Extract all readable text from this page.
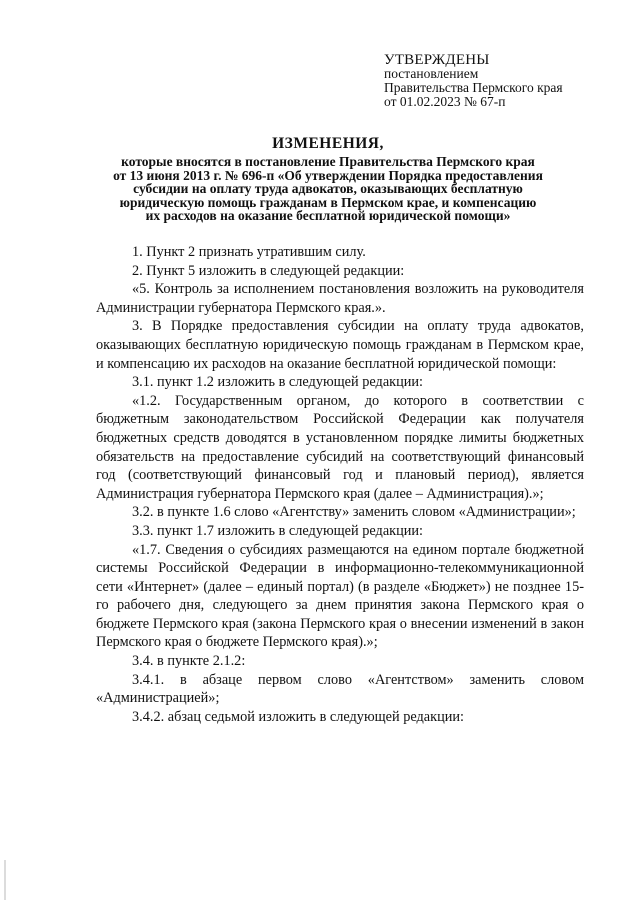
УТВЕРЖДЕНЫ
постановлением
Правительства Пермского края
от 01.02.2023 № 67-п
ИЗМЕНЕНИЯ,
которые вносятся в постановление Правительства Пермского края
от 13 июня 2013 г. № 696-п «Об утверждении Порядка предоставления
субсидии на оплату труда адвокатов, оказывающих бесплатную
юридическую помощь гражданам в Пермском крае, и компенсацию
их расходов на оказание бесплатной юридической помощи»

1. Пункт 2 признать утратившим силу.

2. Пункт 5 изложить в следующей редакции:

«5. Контроль за исполнением постановления возложить на руководителя Администрации губернатора Пермского края.».

3. В Порядке предоставления субсидии на оплату труда адвокатов, оказывающих бесплатную юридическую помощь гражданам в Пермском крае, и компенсацию их расходов на оказание бесплатной юридической помощи:

3.1. пункт 1.2 изложить в следующей редакции:

«1.2. Государственным органом, до которого в соответствии с бюджетным законодательством Российской Федерации как получателя бюджетных средств доводятся в установленном порядке лимиты бюджетных обязательств на предоставление субсидий на соответствующий финансовый год (соответствующий финансовый год и плановый период), является Администрация губернатора Пермского края (далее – Администрация).»;

3.2. в пункте 1.6 слово «Агентству» заменить словом «Администрации»;

3.3. пункт 1.7 изложить в следующей редакции:

«1.7. Сведения о субсидиях размещаются на едином портале бюджетной системы Российской Федерации в информационно-телекоммуникационной сети «Интернет» (далее – единый портал) (в разделе «Бюджет») не позднее 15-го рабочего дня, следующего за днем принятия закона Пермского края о бюджете Пермского края (закона Пермского края о внесении изменений в закон Пермского края о бюджете Пермского края).»;

3.4. в пункте 2.1.2:

3.4.1. в абзаце первом слово «Агентством» заменить словом «Администрацией»;

3.4.2. абзац седьмой изложить в следующей редакции:
